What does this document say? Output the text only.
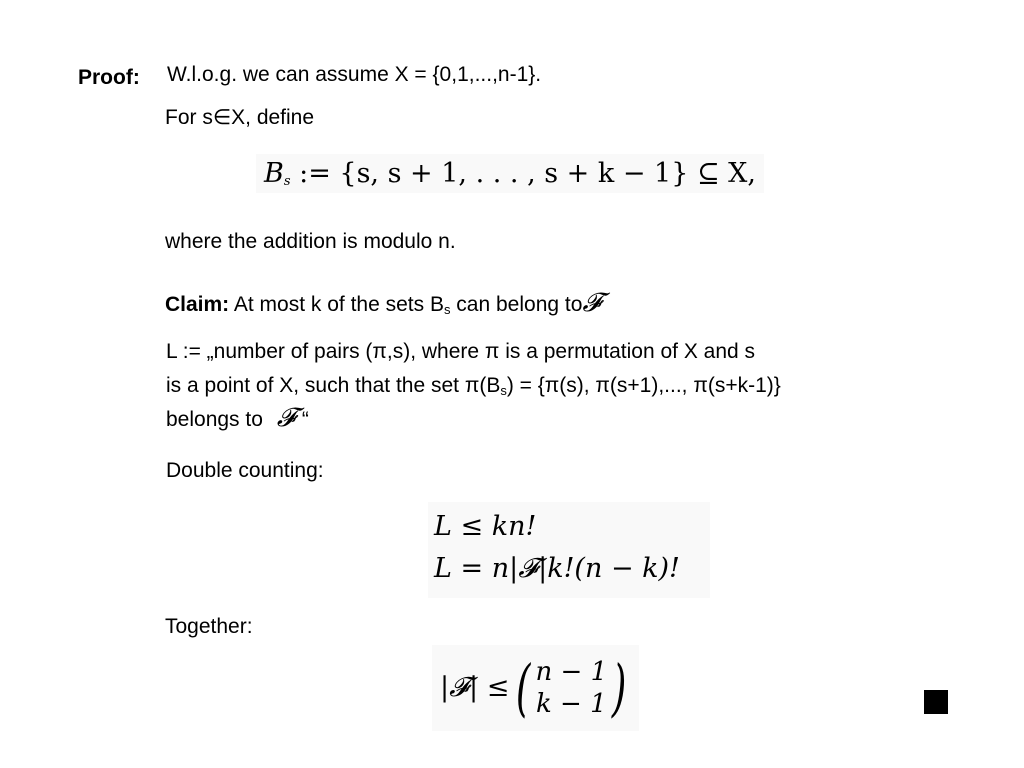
Proof: W.l.o.g. we can assume X = {0,1,...,n-1}.
For s∈X, define
$B_s$ := {s, s + 1, . . . , s + k − 1} ⊆ X,
where the addition is modulo n.
Claim: At most k of the sets $B_s$ can belong to𝓕
L := „number of pairs (π,s), where π is a permutation of X and s
is a point of X, such that the set $\pi(B_s) = \{\pi(s)$, π(s+1),..., π(s+k-1)}
belongs to 𝓕 “
Double counting:
L ≤ kn!
L = n|𝓕|k!(n − k)!
Together:
|𝓕| ≤ ( n − 1
k − 1 )
